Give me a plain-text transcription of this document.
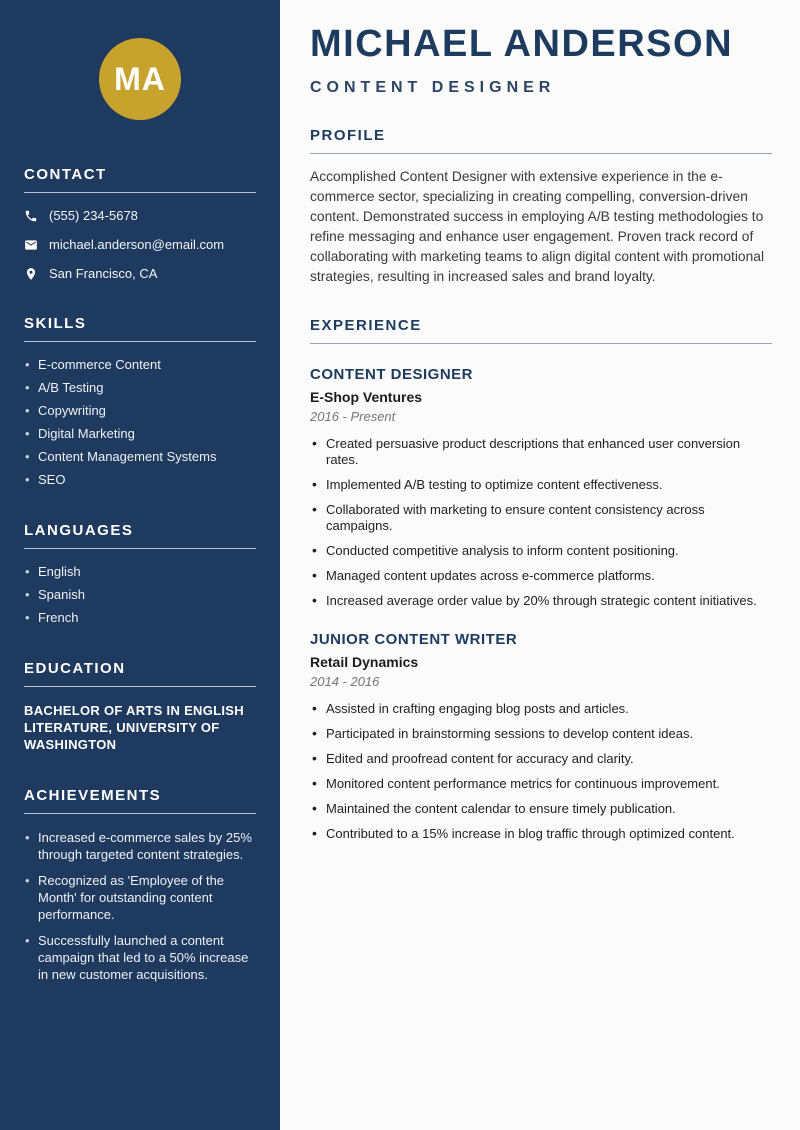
MA
CONTACT
(555) 234-5678
michael.anderson@email.com
San Francisco, CA
SKILLS
• E-commerce Content
• A/B Testing
• Copywriting
• Digital Marketing
• Content Management Systems
• SEO
LANGUAGES
• English
• Spanish
• French
EDUCATION
BACHELOR OF ARTS IN ENGLISH LITERATURE, UNIVERSITY OF WASHINGTON
ACHIEVEMENTS
• Increased e-commerce sales by 25% through targeted content strategies.
• Recognized as 'Employee of the Month' for outstanding content performance.
• Successfully launched a content campaign that led to a 50% increase in new customer acquisitions.
MICHAEL ANDERSON
CONTENT DESIGNER
PROFILE

Accomplished Content Designer with extensive experience in the e-commerce sector, specializing in creating compelling, conversion-driven content. Demonstrated success in employing A/B testing methodologies to refine messaging and enhance user engagement. Proven track record of collaborating with marketing teams to align digital content with promotional strategies, resulting in increased sales and brand loyalty.

EXPERIENCE
CONTENT DESIGNER
E-Shop Ventures
2016 - Present
• Created persuasive product descriptions that enhanced user conversion rates.
• Implemented A/B testing to optimize content effectiveness.
• Collaborated with marketing to ensure content consistency across campaigns.
• Conducted competitive analysis to inform content positioning.
• Managed content updates across e-commerce platforms.
• Increased average order value by 20% through strategic content initiatives.
JUNIOR CONTENT WRITER
Retail Dynamics
2014 - 2016
• Assisted in crafting engaging blog posts and articles.
• Participated in brainstorming sessions to develop content ideas.
• Edited and proofread content for accuracy and clarity.
• Monitored content performance metrics for continuous improvement.
• Maintained the content calendar to ensure timely publication.
• Contributed to a 15% increase in blog traffic through optimized content.
